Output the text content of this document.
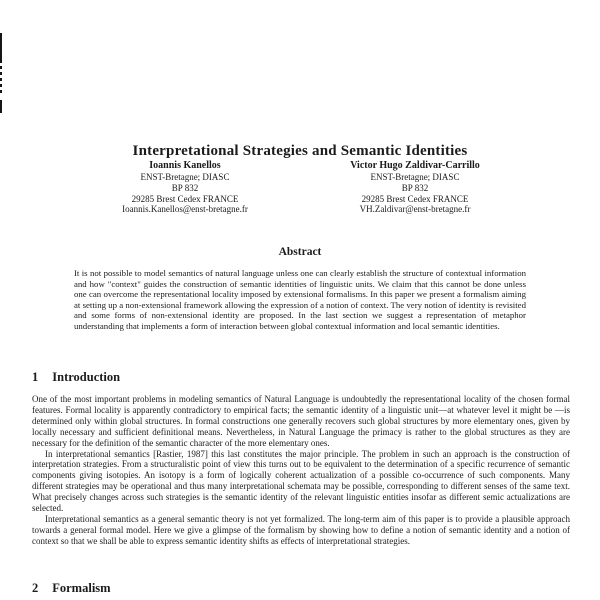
Interpretational Strategies and Semantic Identities
Ioannis Kanellos
ENST-Bretagne; DIASC
BP 832
29285 Brest Cedex FRANCE
Ioannis.Kanellos@enst-bretagne.fr
Victor Hugo Zaldivar-Carrillo
ENST-Bretagne; DIASC
BP 832
29285 Brest Cedex FRANCE
VH.Zaldivar@enst-bretagne.fr
Abstract
It is not possible to model semantics of natural language unless one can clearly establish the structure of contextual information and how "context" guides the construction of semantic identities of linguistic units. We claim that this cannot be done unless one can overcome the representational locality imposed by extensional formalisms. In this paper we present a formalism aiming at setting up a non-extensional framework allowing the expression of a notion of context. The very notion of identity is revisited and some forms of non-extensional identity are proposed. In the last section we suggest a representation of metaphor understanding that implements a form of interaction between global contextual information and local semantic identities.
1 Introduction

One of the most important problems in modeling semantics of Natural Language is undoubtedly the representational locality of the chosen formal features. Formal locality is apparently contradictory to empirical facts; the semantic identity of a linguistic unit—at whatever level it might be —is determined only within global structures. In formal constructions one generally recovers such global structures by more elementary ones, given by locally necessary and sufficient definitional means. Nevertheless, in Natural Language the primacy is rather to the global structures as they are necessary for the definition of the semantic character of the more elementary ones.

In interpretational semantics [Rastier, 1987] this last constitutes the major principle. The problem in such an approach is the construction of interpretation strategies. From a structuralistic point of view this turns out to be equivalent to the determination of a specific recurrence of semantic components giving isotopies. An isotopy is a form of logically coherent actualization of a possible co-occurrence of such components. Many different strategies may be operational and thus many interpretational schemata may be possible, corresponding to different senses of the same text. What precisely changes across such strategies is the semantic identity of the relevant linguistic entities insofar as different semic actualizations are selected.

Interpretational semantics as a general semantic theory is not yet formalized. The long-term aim of this paper is to provide a plausible approach towards a general formal model. Here we give a glimpse of the formalism by showing how to define a notion of semantic identity and a notion of context so that we shall be able to express semantic identity shifts as effects of interpretational strategies.

2 Formalism
